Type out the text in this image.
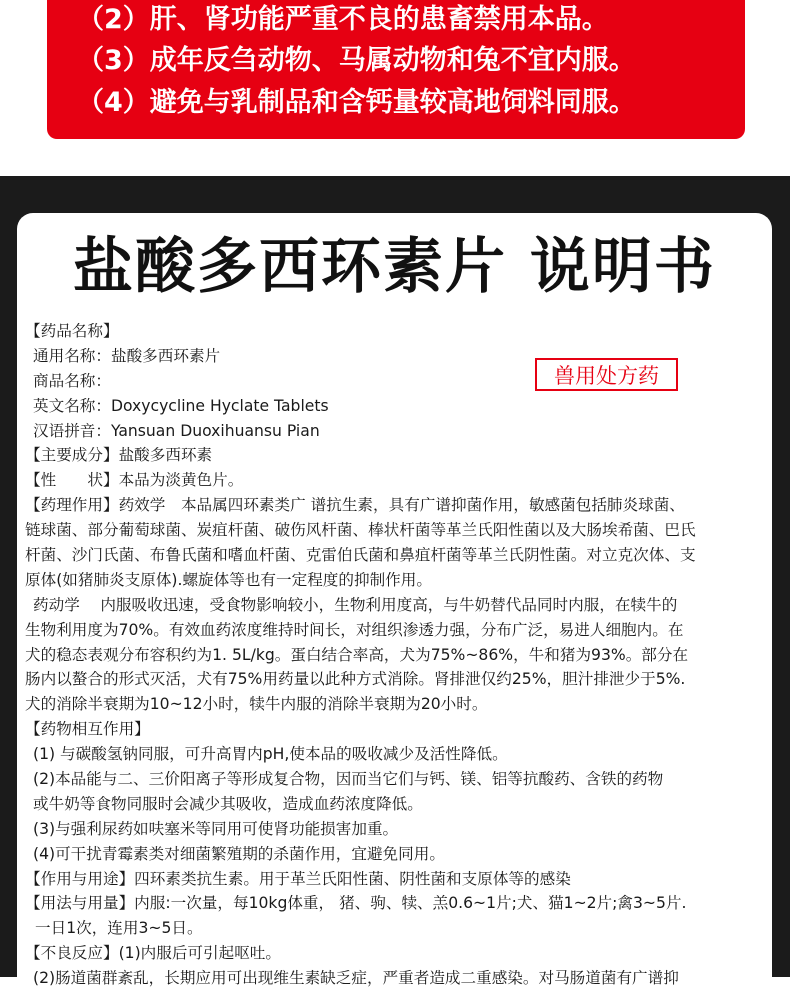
（2）肝、肾功能严重不良的患畜禁用本品。
（3）成年反刍动物、马属动物和兔不宜内服。
（4）避免与乳制品和含钙量较高地饲料同服。
盐酸多西环素片 说明书
兽用处方药
【药品名称】
通用名称：盐酸多西环素片
商品名称：
英文名称：Doxycycline Hyclate Tablets
汉语拼音：Yansuan Duoxihuansu Pian
【主要成分】盐酸多西环素
【性　　状】本品为淡黄色片。
【药理作用】药效学　本品属四环素类广 谱抗生素，具有广谱抑菌作用，敏感菌包括肺炎球菌、
链球菌、部分葡萄球菌、炭疽杆菌、破伤风杆菌、棒状杆菌等革兰氏阳性菌以及大肠埃希菌、巴氏
杆菌、沙门氏菌、布鲁氏菌和嗜血杆菌、克雷伯氏菌和鼻疽杆菌等革兰氏阴性菌。对立克次体、支
原体(如猪肺炎支原体).螺旋体等也有一定程度的抑制作用。
药动学　 内服吸收迅速，受食物影响较小，生物利用度高，与牛奶替代品同时内服，在犊牛的
生物利用度为70%。有效血药浓度维持时间长，对组织渗透力强，分布广泛，易进人细胞内。在
犬的稳态表观分布容积约为1. 5L/kg。蛋白结合率高，犬为75%~86%，牛和猪为93%。部分在
肠内以螯合的形式灭活，犬有75%用药量以此种方式消除。肾排泄仅约25%，胆汁排泄少于5%.
犬的消除半衰期为10~12小时，犊牛内服的消除半衰期为20小时。
【药物相互作用】
(1) 与碳酸氢钠同服，可升高胃内pH,使本品的吸收减少及活性降低。
(2)本品能与二、三价阳离子等形成复合物，因而当它们与钙、镁、铝等抗酸药、含铁的药物
或牛奶等食物同服时会减少其吸收，造成血药浓度降低。
(3)与强利尿药如呋塞米等同用可使肾功能损害加重。
(4)可干扰青霉素类对细菌繁殖期的杀菌作用，宜避免同用。
【作用与用途】四环素类抗生素。用于革兰氏阳性菌、阴性菌和支原体等的感染
【用法与用量】内服:一次量，每10kg体重， 猪、驹、犊、羔0.6~1片;犬、猫1~2片;禽3~5片.
一日1次，连用3~5日。
【不良反应】(1)内服后可引起呕吐。
(2)肠道菌群紊乱，长期应用可出现维生素缺乏症，严重者造成二重感染。对马肠道菌有广谱抑
